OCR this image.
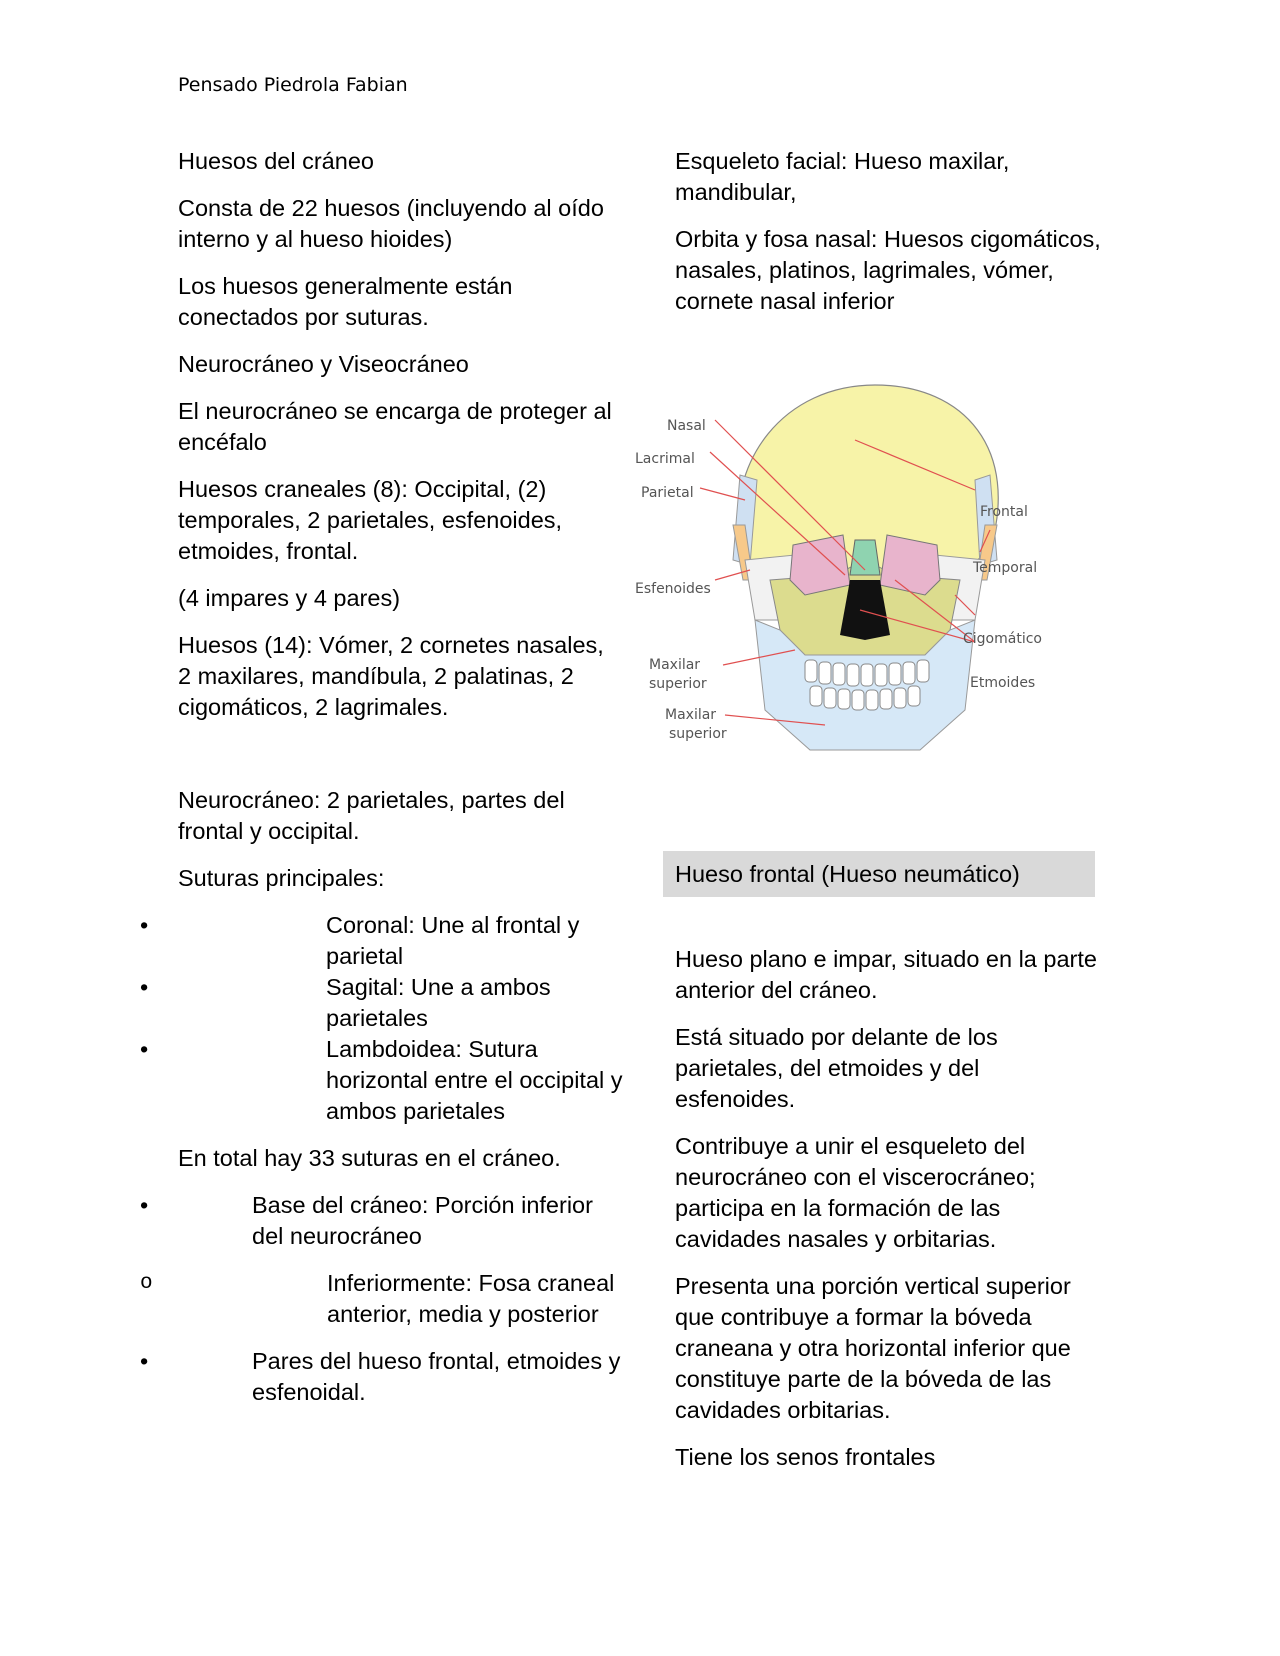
Pensado Piedrola Fabian

Huesos del cráneo

Consta de 22 huesos (incluyendo al oído interno y al hueso hioides)

Los huesos generalmente están conectados por suturas.

Neurocráneo y Viseocráneo

El neurocráneo se encarga de proteger al encéfalo

Huesos craneales (8): Occipital, (2) temporales, 2 parietales, esfenoides, etmoides, frontal.

(4 impares y 4 pares)

Huesos (14): Vómer, 2 cornetes nasales, 2 maxilares, mandíbula, 2 palatinas, 2 cigomáticos, 2 lagrimales.

Neurocráneo: 2 parietales, partes del frontal y occipital.

Suturas principales:

•	Coronal: Une al frontal y parietal
•	Sagital: Une a ambos parietales
•	Lambdoidea: Sutura horizontal entre el occipital y ambos parietales

En total hay 33 suturas en el cráneo.

•	Base del cráneo: Porción inferior del neurocráneo
o	Inferiormente: Fosa craneal anterior, media y posterior
•	Pares del hueso frontal, etmoides y esfenoidal.

Esqueleto facial: Hueso maxilar, mandibular,

Orbita y fosa nasal: Huesos cigomáticos, nasales, platinos, lagrimales, vómer, cornete nasal inferior

Nasal
Lacrimal
Parietal
Esfenoides
Maxilar
superior
Maxilar
superior
Frontal
Temporal
Cigomático
Etmoides
Hueso frontal (Hueso neumático)

Hueso plano e impar, situado en la parte anterior del cráneo.

Está situado por delante de los parietales, del etmoides y del esfenoides.

Contribuye a unir el esqueleto del neurocráneo con el viscerocráneo; participa en la formación de las cavidades nasales y orbitarias.

Presenta una porción vertical superior que contribuye a formar la bóveda craneana y otra horizontal inferior que constituye parte de la bóveda de las cavidades orbitarias.

Tiene los senos frontales
